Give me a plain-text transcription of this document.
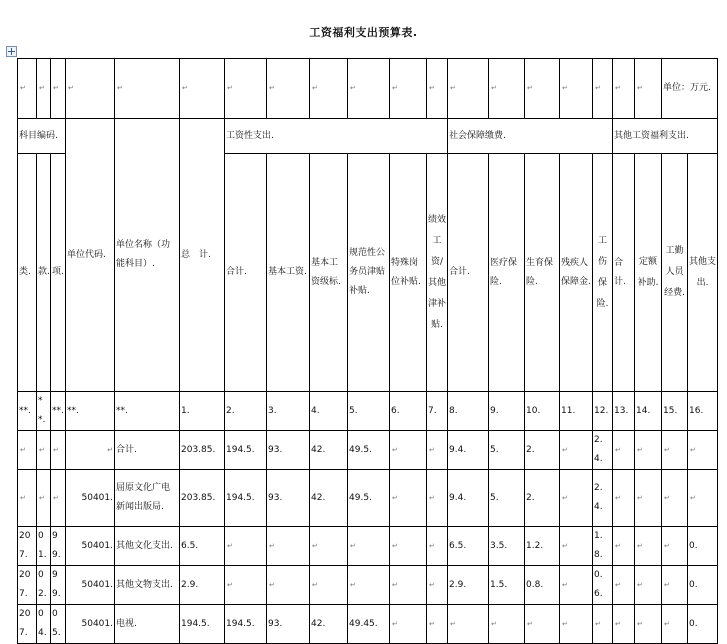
工资福利支出预算表.
↵	↵	↵	↵	↵	↵	↵	↵	↵	↵	↵	↵	↵	↵	↵	↵	↵	↵	↵	单位：万元.	
科目编码.			单位代码.	单位名称（功能科目）.	总　计.	工资性支出.						社会保障缴费.					其他工资福利支出.			
类.	款.	项.				合计.	基本工资.	基本工资级标.	规范性公务员津贴补贴.	特殊岗位补贴.	绩效工资/其他津补贴.	合计.	医疗保险.	生育保险.	残疾人保障金.	工伤保险.	合计.	定额补助.	工勤人员经费.	其他支出.
**.	**.	**.	**.	**.	1.	2.	3.	4.	5.	6.	7.	8.	9.	10.	11.	12.	13.	14.	15.	16.
↵	↵	↵	↵	合计.	203.85.	194.5.	93.	42.	49.5.	↵	↵	9.4.	5.	2.	↵	2.4.	↵	↵	↵	↵
↵	↵	↵	50401.	屈原文化广电新闻出版局.	203.85.	194.5.	93.	42.	49.5.	↵	↵	9.4.	5.	2.	↵	2.4.	↵	↵	↵	↵
207.	01.	99.	50401.	其他文化支出.	6.5.	↵	↵	↵	↵	↵	↵	6.5.	3.5.	1.2.	↵	1.8.	↵	↵	↵	0.
207.	02.	99.	50401.	其他文物支出.	2.9.	↵	↵	↵	↵	↵	↵	2.9.	1.5.	0.8.	↵	0.6.	↵	↵	↵	0.
207.	04.	05.	50401.	电视.	194.5.	194.5.	93.	42.	49.45.	↵	↵	↵	↵	↵	↵	↵	↵	↵	↵	0.
